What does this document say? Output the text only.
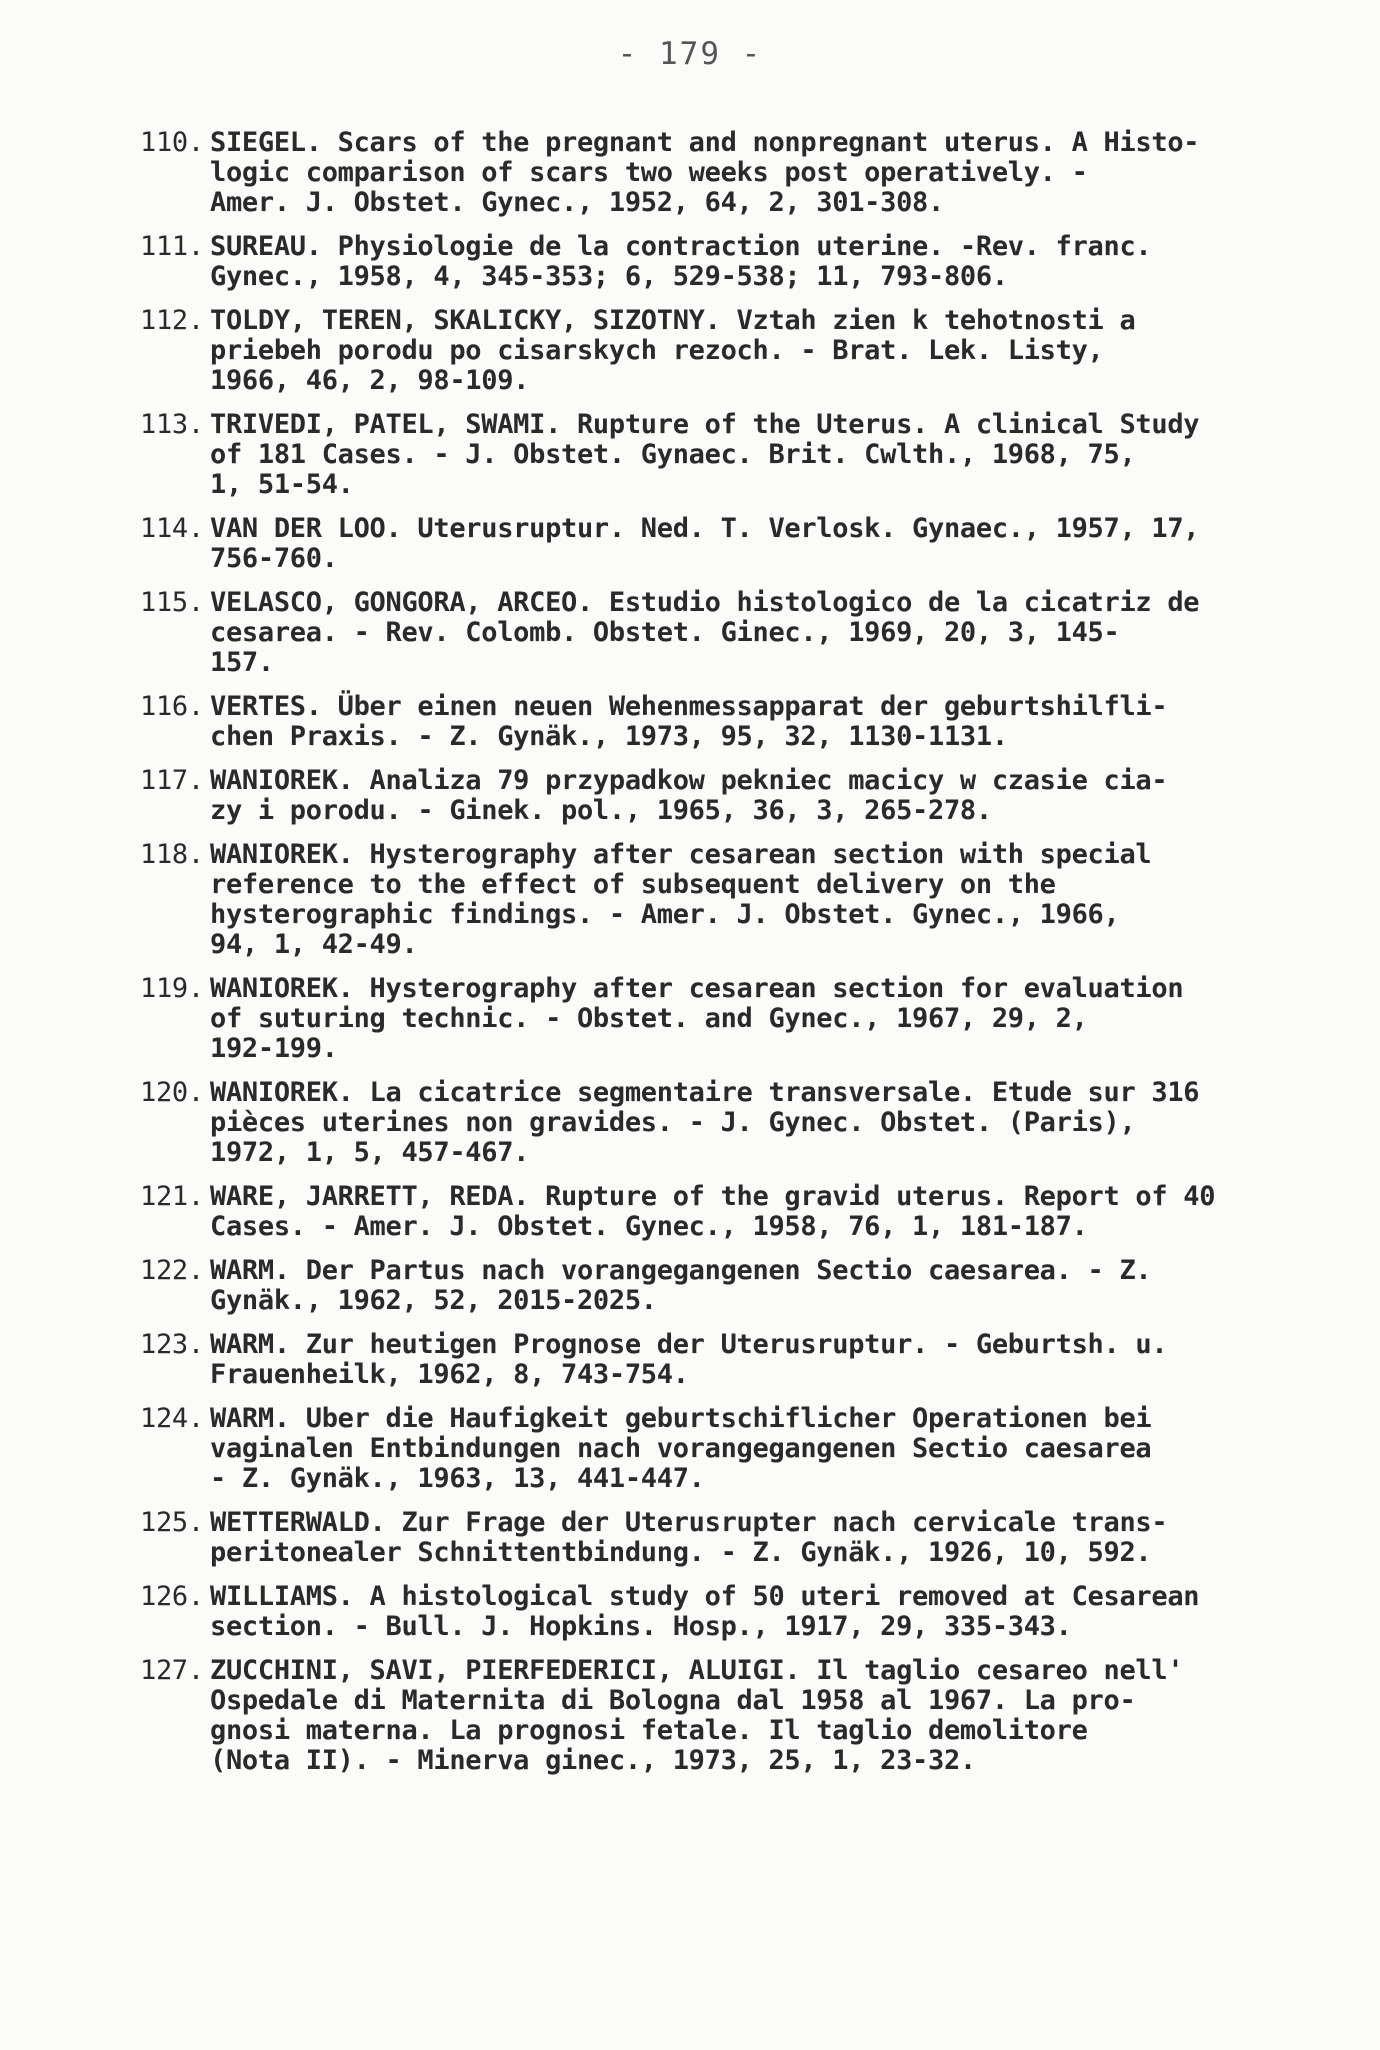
- 179 -
110. SIEGEL. Scars of the pregnant and nonpregnant uterus. A Histo-
logic comparison of scars two weeks post operatively. -
Amer. J. Obstet. Gynec., 1952, 64, 2, 301-308.
111. SUREAU. Physiologie de la contraction uterine. -Rev. franc.
Gynec., 1958, 4, 345-353; 6, 529-538; 11, 793-806.
112. TOLDY, TEREN, SKALICKY, SIZOTNY. Vztah zien k tehotnosti a
priebeh porodu po cisarskych rezoch. - Brat. Lek. Listy,
1966, 46, 2, 98-109.
113. TRIVEDI, PATEL, SWAMI. Rupture of the Uterus. A clinical Study
of 181 Cases. - J. Obstet. Gynaec. Brit. Cwlth., 1968, 75,
1, 51-54.
114. VAN DER LOO. Uterusruptur. Ned. T. Verlosk. Gynaec., 1957, 17,
756-760.
115. VELASCO, GONGORA, ARCEO. Estudio histologico de la cicatriz de
cesarea. - Rev. Colomb. Obstet. Ginec., 1969, 20, 3, 145-
157.
116. VERTES. Über einen neuen Wehenmessapparat der geburtshilfli-
chen Praxis. - Z. Gynäk., 1973, 95, 32, 1130-1131.
117. WANIOREK. Analiza 79 przypadkow pekniec macicy w czasie cia-
zy i porodu. - Ginek. pol., 1965, 36, 3, 265-278.
118. WANIOREK. Hysterography after cesarean section with special
reference to the effect of subsequent delivery on the
hysterographic findings. - Amer. J. Obstet. Gynec., 1966,
94, 1, 42-49.
119. WANIOREK. Hysterography after cesarean section for evaluation
of suturing technic. - Obstet. and Gynec., 1967, 29, 2,
192-199.
120. WANIOREK. La cicatrice segmentaire transversale. Etude sur 316
pièces uterines non gravides. - J. Gynec. Obstet. (Paris),
1972, 1, 5, 457-467.
121. WARE, JARRETT, REDA. Rupture of the gravid uterus. Report of 40
Cases. - Amer. J. Obstet. Gynec., 1958, 76, 1, 181-187.
122. WARM. Der Partus nach vorangegangenen Sectio caesarea. - Z.
Gynäk., 1962, 52, 2015-2025.
123. WARM. Zur heutigen Prognose der Uterusruptur. - Geburtsh. u.
Frauenheilk, 1962, 8, 743-754.
124. WARM. Uber die Haufigkeit geburtschiflicher Operationen bei
vaginalen Entbindungen nach vorangegangenen Sectio caesarea
- Z. Gynäk., 1963, 13, 441-447.
125. WETTERWALD. Zur Frage der Uterusrupter nach cervicale trans-
peritonealer Schnittentbindung. - Z. Gynäk., 1926, 10, 592.
126. WILLIAMS. A histological study of 50 uteri removed at Cesarean
section. - Bull. J. Hopkins. Hosp., 1917, 29, 335-343.
127. ZUCCHINI, SAVI, PIERFEDERICI, ALUIGI. Il taglio cesareo nell'
Ospedale di Maternita di Bologna dal 1958 al 1967. La pro-
gnosi materna. La prognosi fetale. Il taglio demolitore
(Nota II). - Minerva ginec., 1973, 25, 1, 23-32.
